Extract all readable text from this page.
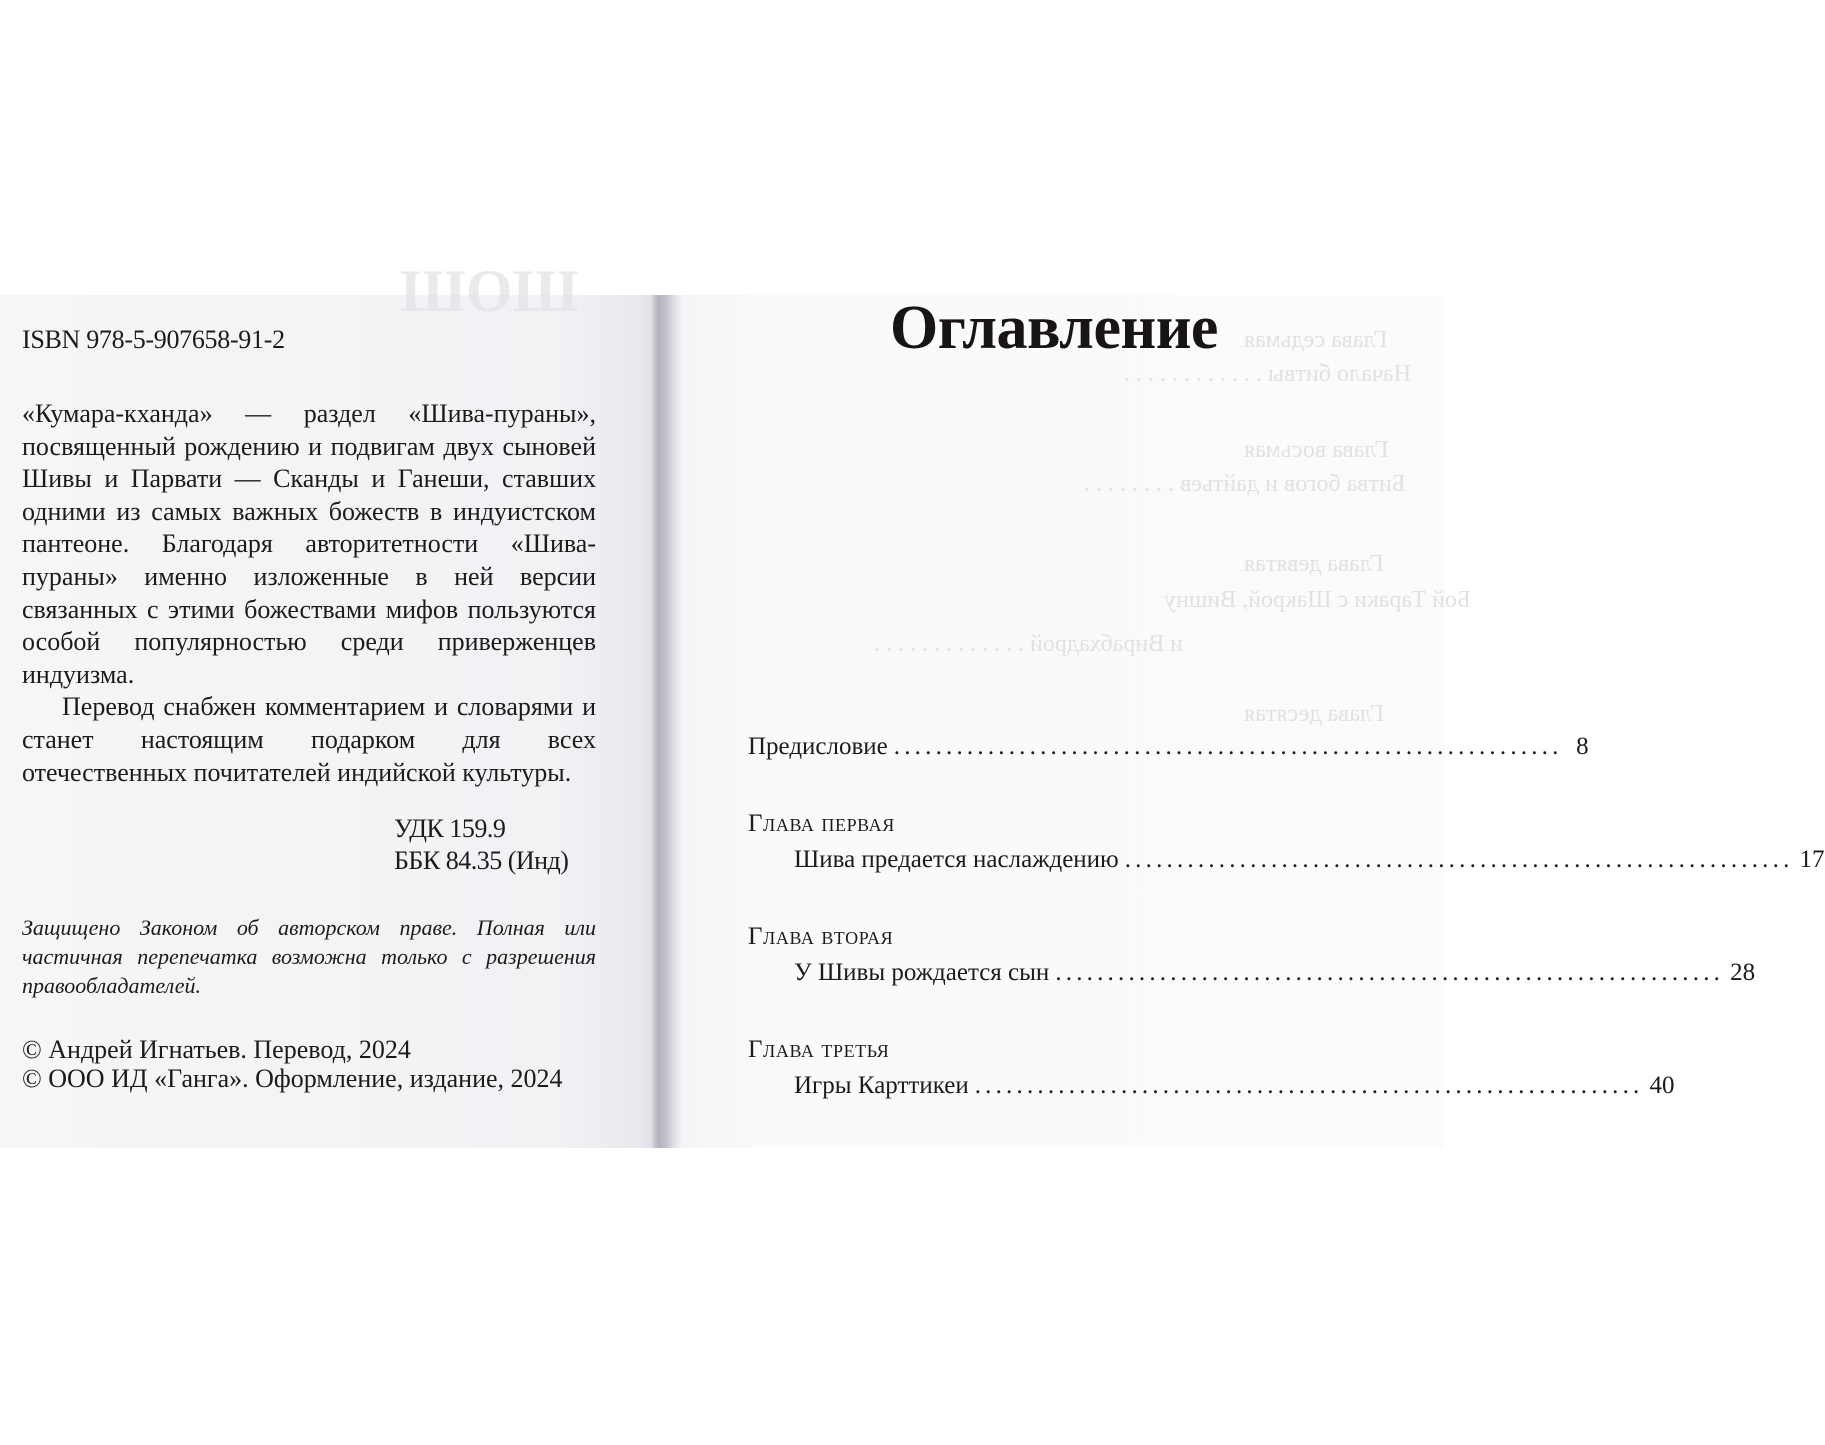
ШОШ
ISBN 978-5-907658-91-2

«Кумара-кханда» — раздел «Шива-пураны», посвященный рождению и подвигам двух сыновей Шивы и Парвати — Сканды и Ганеши, ставших одними из самых важных божеств в индуистском пантеоне. Благодаря авторитетности «Шива-пураны» именно изложенные в ней версии связанных с этими божествами мифов пользуются особой популярностью среди приверженцев индуизма.

Перевод снабжен комментарием и словарями и станет настоящим подарком для всех отечественных почитателей индийской культуры.

УДК 159.9
ББК 84.35 (Инд)
Защищено Законом об авторском праве. Полная или частичная перепечатка возможна только с разрешения правообладателей.
© Андрей Игнатьев. Перевод, 2024
© ООО ИД «Ганга». Оформление, издание, 2024
Глава седьмая
Начало битвы . . . . . . . . . . . .
Глава восьмая
Битва богов и дайтьев . . . . . . . .
Глава девятая
Бой Тараки с Шакрой, Вишну
и Вирабхадрой . . . . . . . . . . . . .
Глава десятая
Оглавление
Предисловие ................................................................ 8
Глава первая
Шива предается наслаждению ................................................................ 17
Глава вторая
У Шивы рождается сын ................................................................ 28
Глава третья
Игры Карттикеи ................................................................ 40
